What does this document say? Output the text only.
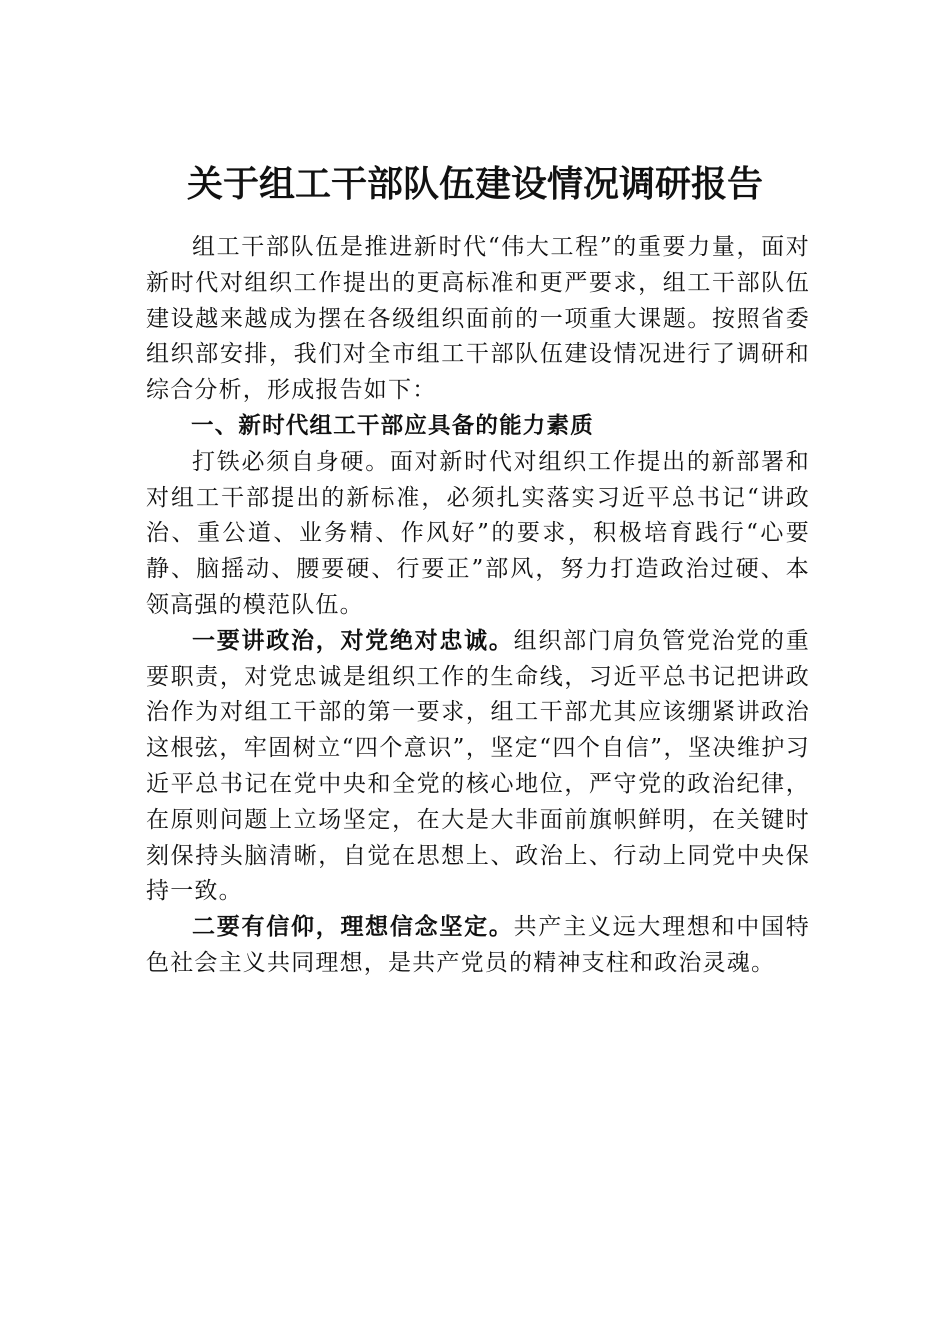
关于组工干部队伍建设情况调研报告

组工干部队伍是推进新时代“伟大工程”的重要力量，面对新时代对组织工作提出的更高标准和更严要求，组工干部队伍建设越来越成为摆在各级组织面前的一项重大课题。按照省委组织部安排，我们对全市组工干部队伍建设情况进行了调研和综合分析，形成报告如下：

一、新时代组工干部应具备的能力素质

打铁必须自身硬。面对新时代对组织工作提出的新部署和对组工干部提出的新标准，必须扎实落实习近平总书记“讲政治、重公道、业务精、作风好”的要求，积极培育践行“心要静、脑摇动、腰要硬、行要正”部风，努力打造政治过硬、本领高强的模范队伍。

一要讲政治，对党绝对忠诚。组织部门肩负管党治党的重要职责，对党忠诚是组织工作的生命线，习近平总书记把讲政治作为对组工干部的第一要求，组工干部尤其应该绷紧讲政治这根弦，牢固树立“四个意识”，坚定“四个自信”，坚决维护习近平总书记在党中央和全党的核心地位，严守党的政治纪律，在原则问题上立场坚定，在大是大非面前旗帜鲜明，在关键时刻保持头脑清晰，自觉在思想上、政治上、行动上同党中央保持一致。

二要有信仰，理想信念坚定。共产主义远大理想和中国特色社会主义共同理想，是共产党员的精神支柱和政治灵魂。
